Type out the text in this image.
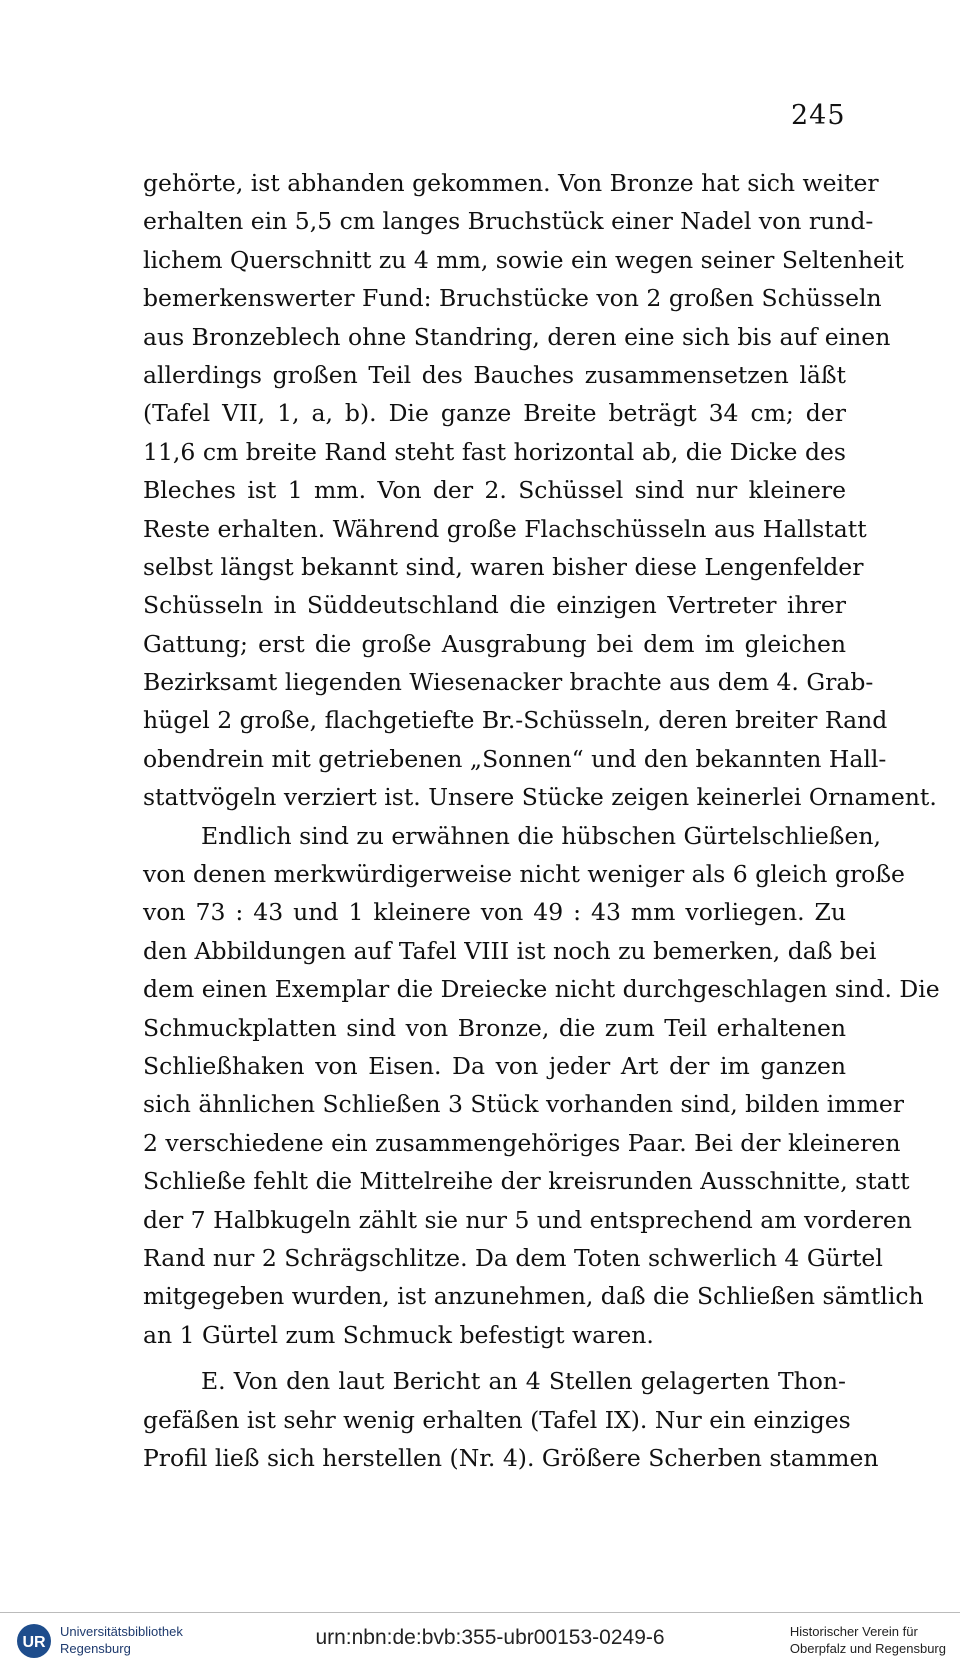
245
gehörte, ist abhanden gekommen. Von Bronze hat sich weiter
erhalten ein 5,5 cm langes Bruchstück einer Nadel von rund-
lichem Querschnitt zu 4 mm, sowie ein wegen seiner Seltenheit
bemerkenswerter Fund: Bruchstücke von 2 großen Schüsseln
aus Bronzeblech ohne Standring, deren eine sich bis auf einen
allerdings großen Teil des Bauches zusammensetzen läßt
(Tafel VII, 1, a, b). Die ganze Breite beträgt 34 cm; der
11,6 cm breite Rand steht fast horizontal ab, die Dicke des
Bleches ist 1 mm. Von der 2. Schüssel sind nur kleinere
Reste erhalten. Während große Flachschüsseln aus Hallstatt
selbst längst bekannt sind, waren bisher diese Lengenfelder
Schüsseln in Süddeutschland die einzigen Vertreter ihrer
Gattung; erst die große Ausgrabung bei dem im gleichen
Bezirksamt liegenden Wiesenacker brachte aus dem 4. Grab-
hügel 2 große, flachgetiefte Br.-Schüsseln, deren breiter Rand
obendrein mit getriebenen „Sonnen“ und den bekannten Hall-
stattvögeln verziert ist. Unsere Stücke zeigen keinerlei Ornament.
Endlich sind zu erwähnen die hübschen Gürtelschließen,
von denen merkwürdigerweise nicht weniger als 6 gleich große
von 73 : 43 und 1 kleinere von 49 : 43 mm vorliegen. Zu
den Abbildungen auf Tafel VIII ist noch zu bemerken, daß bei
dem einen Exemplar die Dreiecke nicht durchgeschlagen sind. Die
Schmuckplatten sind von Bronze, die zum Teil erhaltenen
Schließhaken von Eisen. Da von jeder Art der im ganzen
sich ähnlichen Schließen 3 Stück vorhanden sind, bilden immer
2 verschiedene ein zusammengehöriges Paar. Bei der kleineren
Schließe fehlt die Mittelreihe der kreisrunden Ausschnitte, statt
der 7 Halbkugeln zählt sie nur 5 und entsprechend am vorderen
Rand nur 2 Schrägschlitze. Da dem Toten schwerlich 4 Gürtel
mitgegeben wurden, ist anzunehmen, daß die Schließen sämtlich
an 1 Gürtel zum Schmuck befestigt waren.
E. Von den laut Bericht an 4 Stellen gelagerten Thon-
gefäßen ist sehr wenig erhalten (Tafel IX). Nur ein einziges
Profil ließ sich herstellen (Nr. 4). Größere Scherben stammen
UR
Universitätsbibliothek
Regensburg	urn:nbn:de:bvb:355-ubr00153-0249-6	Historischer Verein für
Oberpfalz und Regensburg
